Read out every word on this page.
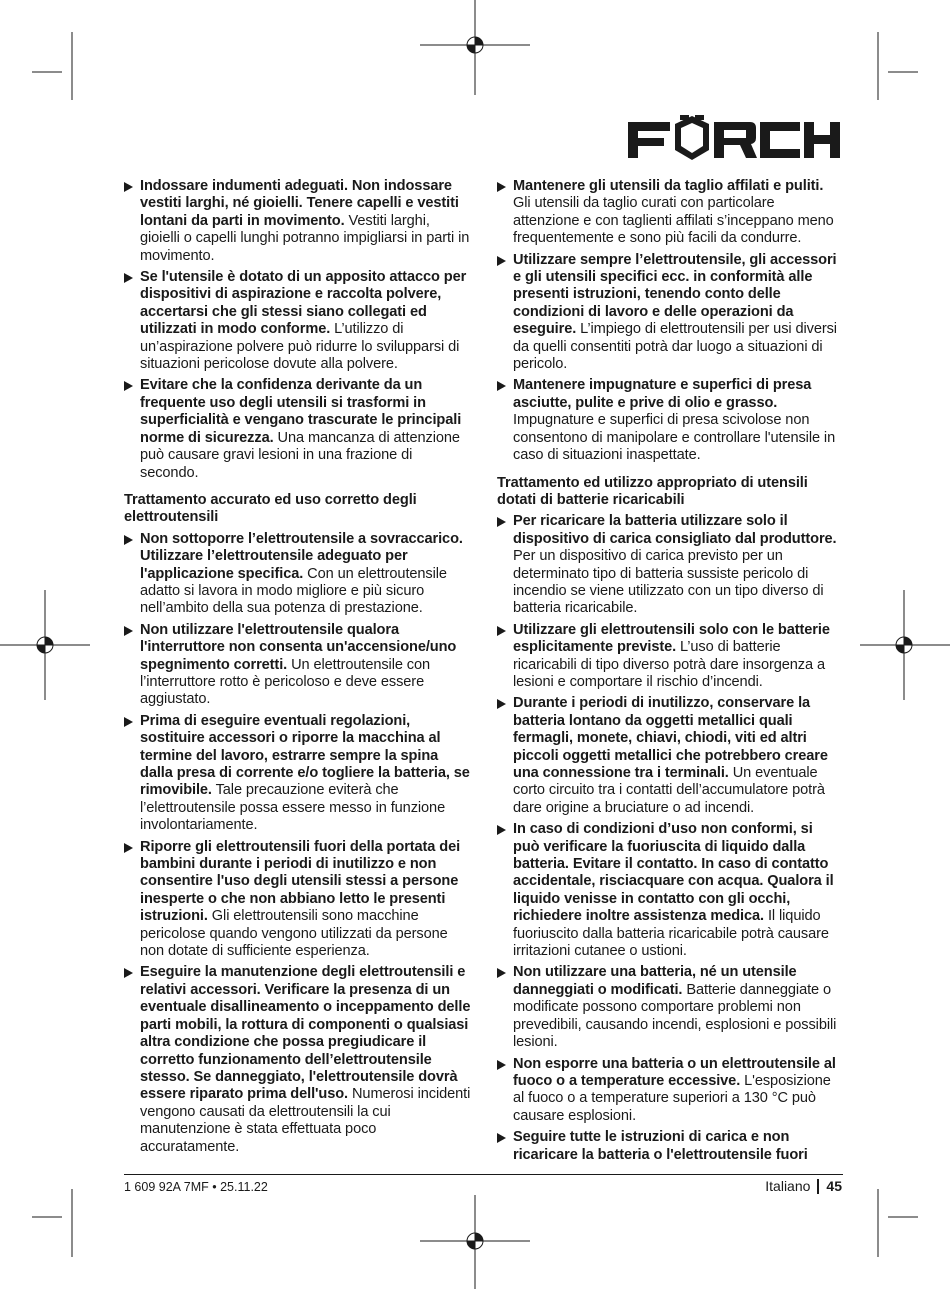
FÖRCH
Indossare indumenti adeguati. Non indossare vestiti larghi, né gioielli. Tenere capelli e vestiti lontani da parti in movimento. Vestiti larghi, gioielli o capelli lunghi potranno impigliarsi in parti in movimento.
Se l'utensile è dotato di un apposito attacco per dispositivi di aspirazione e raccolta polvere, accertarsi che gli stessi siano collegati ed utilizzati in modo conforme. L’utilizzo di un’aspirazione polvere può ridurre lo svilupparsi di situazioni pericolose dovute alla polvere.
Evitare che la confidenza derivante da un frequente uso degli utensili si trasformi in superficialità e vengano trascurate le principali norme di sicurezza. Una mancanza di attenzione può causare gravi lesioni in una frazione di secondo.
Trattamento accurato ed uso corretto degli elettroutensili
Non sottoporre l’elettroutensile a sovraccarico. Utilizzare l’elettroutensile adeguato per l'applicazione specifica. Con un elettroutensile adatto si lavora in modo migliore e più sicuro nell’ambito della sua potenza di prestazione.
Non utilizzare l'elettroutensile qualora l'interruttore non consenta un'accensione/uno spegnimento corretti. Un elettroutensile con l’interruttore rotto è pericoloso e deve essere aggiustato.
Prima di eseguire eventuali regolazioni, sostituire accessori o riporre la macchina al termine del lavoro, estrarre sempre la spina dalla presa di corrente e/o togliere la batteria, se rimovibile. Tale precauzione eviterà che l’elettroutensile possa essere messo in funzione involontariamente.
Riporre gli elettroutensili fuori della portata dei bambini durante i periodi di inutilizzo e non consentire l'uso degli utensili stessi a persone inesperte o che non abbiano letto le presenti istruzioni. Gli elettroutensili sono macchine pericolose quando vengono utilizzati da persone non dotate di sufficiente esperienza.
Eseguire la manutenzione degli elettroutensili e relativi accessori. Verificare la presenza di un eventuale disallineamento o inceppamento delle parti mobili, la rottura di componenti o qualsiasi altra condizione che possa pregiudicare il corretto funzionamento dell’elettroutensile stesso. Se danneggiato, l'elettroutensile dovrà essere riparato prima dell'uso. Numerosi incidenti vengono causati da elettroutensili la cui manutenzione è stata effettuata poco accuratamente.
Mantenere gli utensili da taglio affilati e puliti. Gli utensili da taglio curati con particolare attenzione e con taglienti affilati s’inceppano meno frequentemente e sono più facili da condurre.
Utilizzare sempre l’elettroutensile, gli accessori e gli utensili specifici ecc. in conformità alle presenti istruzioni, tenendo conto delle condizioni di lavoro e delle operazioni da eseguire. L’impiego di elettroutensili per usi diversi da quelli consentiti potrà dar luogo a situazioni di pericolo.
Mantenere impugnature e superfici di presa asciutte, pulite e prive di olio e grasso. Impugnature e superfici di presa scivolose non consentono di manipolare e controllare l'utensile in caso di situazioni inaspettate.
Trattamento ed utilizzo appropriato di utensili dotati di batterie ricaricabili
Per ricaricare la batteria utilizzare solo il dispositivo di carica consigliato dal produttore. Per un dispositivo di carica previsto per un determinato tipo di batteria sussiste pericolo di incendio se viene utilizzato con un tipo diverso di batteria ricaricabile.
Utilizzare gli elettroutensili solo con le batterie esplicitamente previste. L’uso di batterie ricaricabili di tipo diverso potrà dare insorgenza a lesioni e comportare il rischio d’incendi.
Durante i periodi di inutilizzo, conservare la batteria lontano da oggetti metallici quali fermagli, monete, chiavi, chiodi, viti ed altri piccoli oggetti metallici che potrebbero creare una connessione tra i terminali. Un eventuale corto circuito tra i contatti dell’accumulatore potrà dare origine a bruciature o ad incendi.
In caso di condizioni d’uso non conformi, si può verificare la fuoriuscita di liquido dalla batteria. Evitare il contatto. In caso di contatto accidentale, risciacquare con acqua. Qualora il liquido venisse in contatto con gli occhi, richiedere inoltre assistenza medica. Il liquido fuoriuscito dalla batteria ricaricabile potrà causare irritazioni cutanee o ustioni.
Non utilizzare una batteria, né un utensile danneggiati o modificati. Batterie danneggiate o modificate possono comportare problemi non prevedibili, causando incendi, esplosioni e possibili lesioni.
Non esporre una batteria o un elettroutensile al fuoco o a temperature eccessive. L'esposizione al fuoco o a temperature superiori a 130 °C può causare esplosioni.
Seguire tutte le istruzioni di carica e non ricaricare la batteria o l'elettroutensile fuori
1 609 92A 7MF • 25.11.22	Italiano 45
